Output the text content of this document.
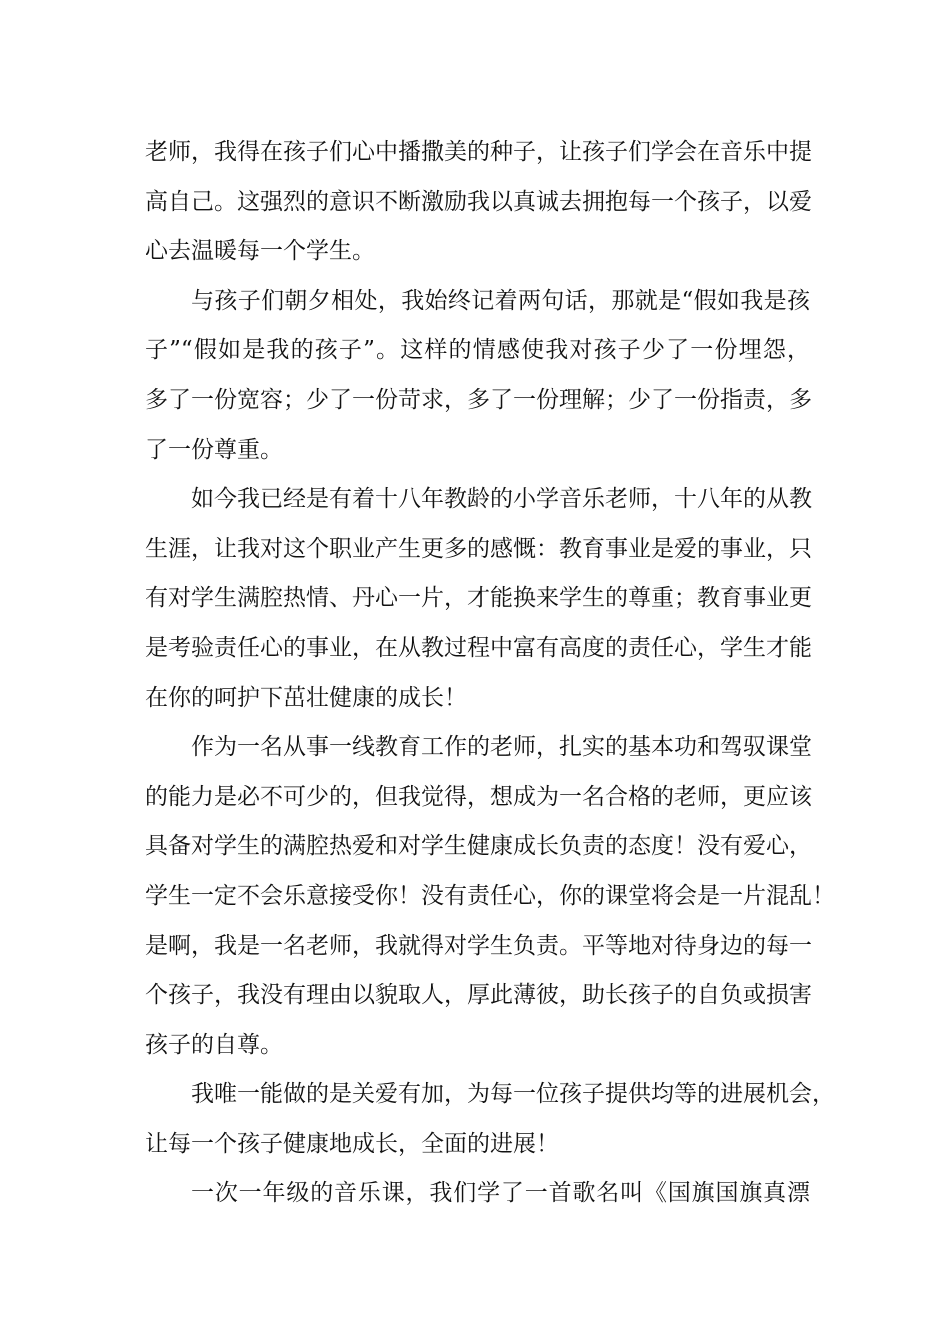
老师，我得在孩子们心中播撒美的种子，让孩子们学会在音乐中提
高自己。这强烈的意识不断激励我以真诚去拥抱每一个孩子，以爱
心去温暖每一个学生。
与孩子们朝夕相处，我始终记着两句话，那就是“假如我是孩
子”“假如是我的孩子”。这样的情感使我对孩子少了一份埋怨，
多了一份宽容；少了一份苛求，多了一份理解；少了一份指责，多
了一份尊重。
如今我已经是有着十八年教龄的小学音乐老师，十八年的从教
生涯，让我对这个职业产生更多的感慨：教育事业是爱的事业，只
有对学生满腔热情、丹心一片，才能换来学生的尊重；教育事业更
是考验责任心的事业，在从教过程中富有高度的责任心，学生才能
在你的呵护下茁壮健康的成长！
作为一名从事一线教育工作的老师，扎实的基本功和驾驭课堂
的能力是必不可少的，但我觉得，想成为一名合格的老师，更应该
具备对学生的满腔热爱和对学生健康成长负责的态度！没有爱心，
学生一定不会乐意接受你！没有责任心，你的课堂将会是一片混乱！
是啊，我是一名老师，我就得对学生负责。平等地对待身边的每一
个孩子，我没有理由以貌取人，厚此薄彼，助长孩子的自负或损害
孩子的自尊。
我唯一能做的是关爱有加，为每一位孩子提供均等的进展机会，
让每一个孩子健康地成长，全面的进展！
一次一年级的音乐课，我们学了一首歌名叫《国旗国旗真漂
